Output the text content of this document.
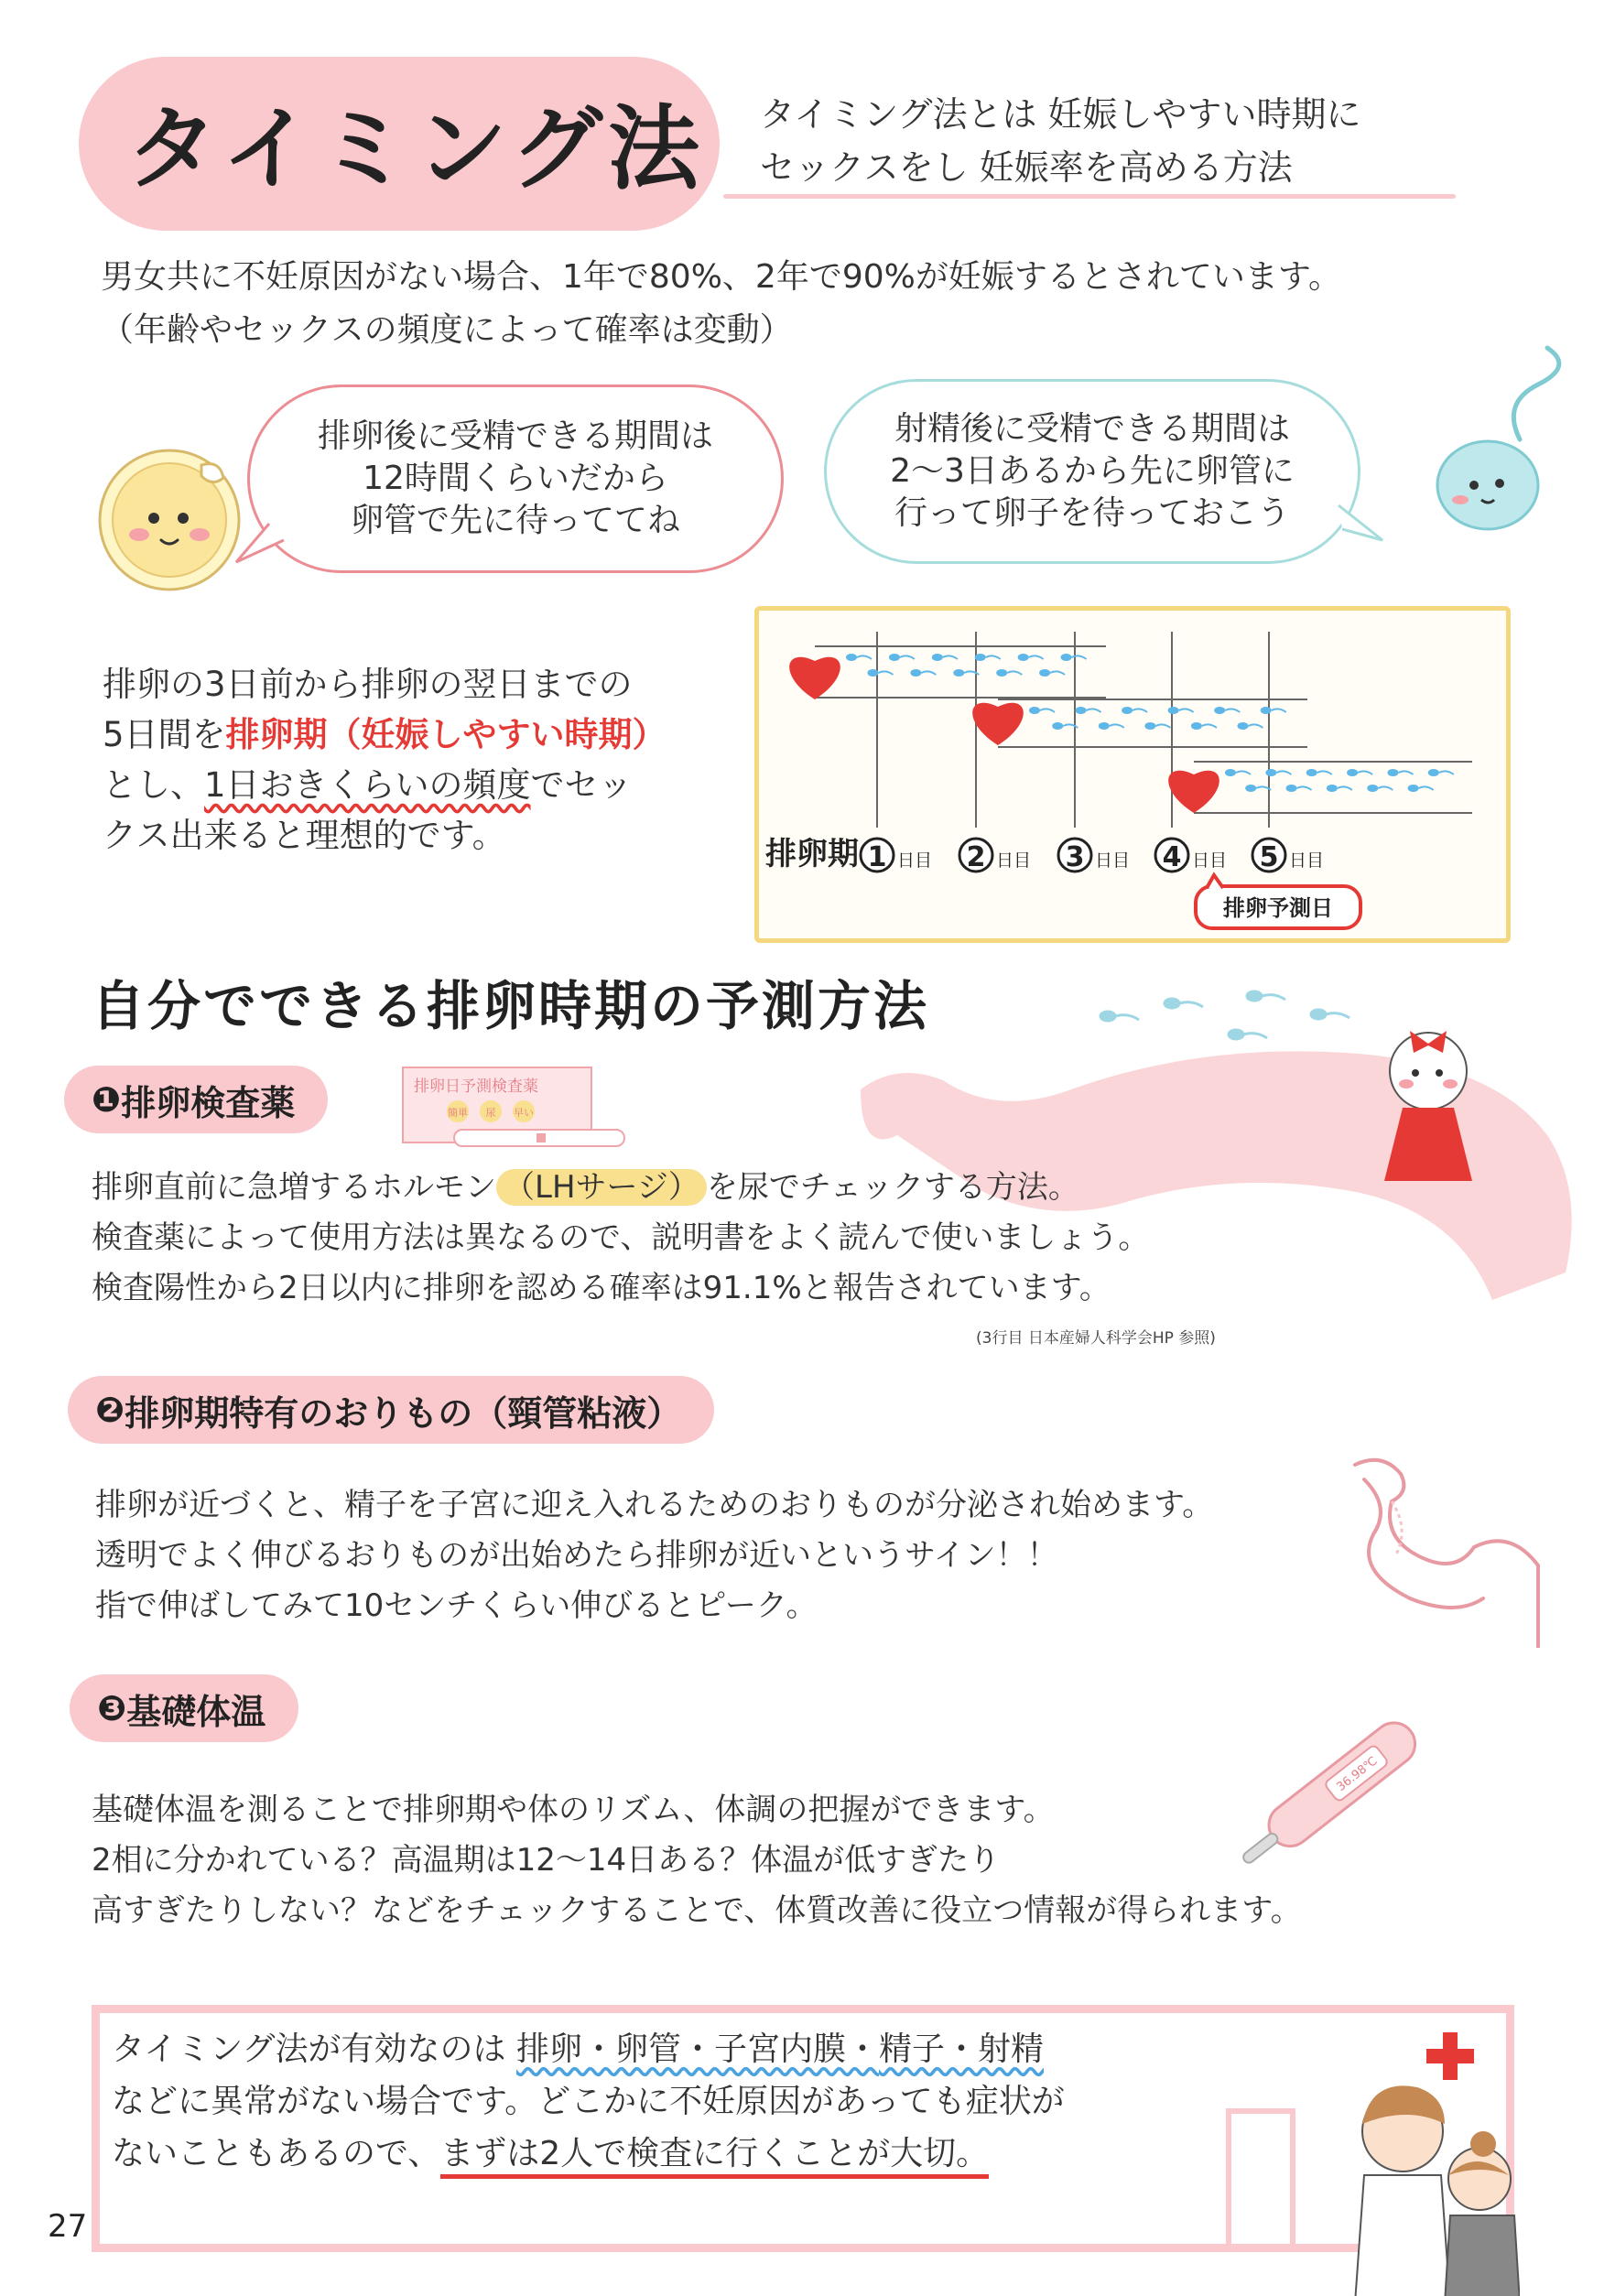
タイミング法 タイミング法とは 妊娠しやすい時期に
セックスをし 妊娠率を高める方法
男女共に不妊原因がない場合、1年で80%、2年で90%が妊娠するとされています。
（年齢やセックスの頻度によって確率は変動）
排卵後に受精できる期間は
12時間くらいだから
卵管で先に待っててね
射精後に受精できる期間は
2〜3日あるから先に卵管に
行って卵子を待っておこう
排卵の3日前から排卵の翌日までの
5日間を排卵期（妊娠しやすい時期）
とし、1日おきくらいの頻度でセッ
クス出来ると理想的です。	排卵期 1 日目 2 日目 3 日目 4 日目 5 日目
排卵予測日
自分でできる排卵時期の予測方法
❶ 排卵検査薬	排卵日予測検査薬
簡単 尿 早い
排卵直前に急増するホルモン （LHサージ） を尿でチェックする方法。
検査薬によって使用方法は異なるので、説明書をよく読んで使いましょう。
検査陽性から2日以内に排卵を認める確率は91.1%と報告されています。
(3行目 日本産婦人科学会HP 参照)
❷ 排卵期特有のおりもの（頸管粘液）
排卵が近づくと、精子を子宮に迎え入れるためのおりものが分泌され始めます。
透明でよく伸びるおりものが出始めたら排卵が近いというサイン！！
指で伸ばしてみて10センチくらい伸びるとピーク。
❸ 基礎体温
36.98℃
基礎体温を測ることで排卵期や体のリズム、体調の把握ができます。
2相に分かれている？高温期は12〜14日ある？体温が低すぎたり
高すぎたりしない？などをチェックすることで、体質改善に役立つ情報が得られます。
タイミング法が有効なのは 排卵・卵管・子宮内膜・精子・射精
などに異常がない場合です。どこかに不妊原因があっても症状が
ないこともあるので、まずは2人で検査に行くことが大切。
27
